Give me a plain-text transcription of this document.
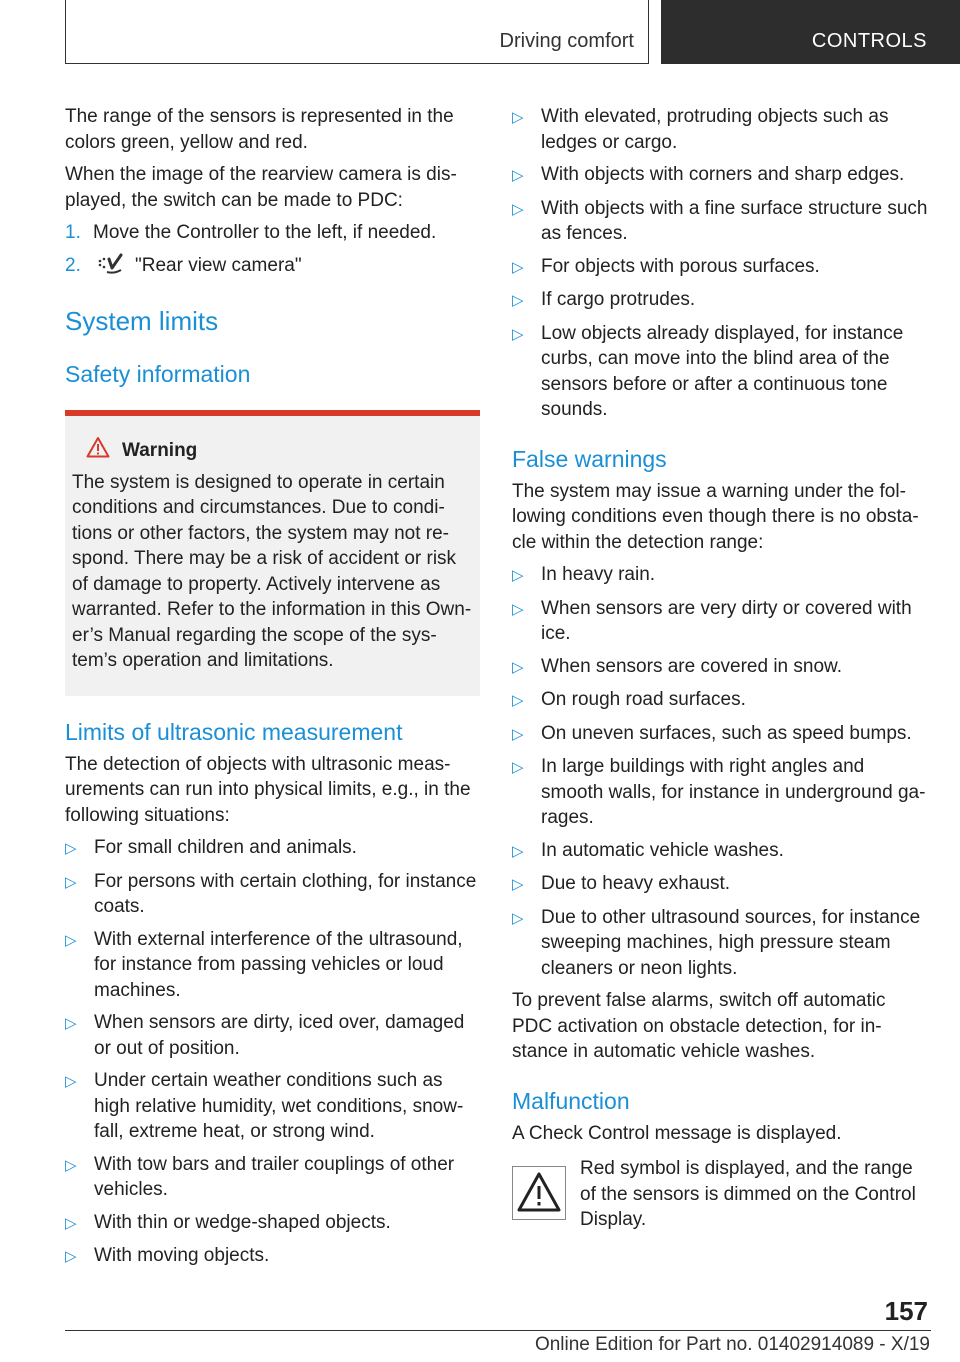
Driving comfort	CONTROLS

The range of the sensors is represented in the colors green, yellow and red.

When the image of the rearview camera is dis-played, the switch can be made to PDC:

1. Move the Controller to the left, if needed.
2.	"Rear view camera"
System limits
Safety information
Warning
The system is designed to operate in certain conditions and circumstances. Due to condi-tions or other factors, the system may not re-spond. There may be a risk of accident or risk of damage to property. Actively intervene as warranted. Refer to the information in this Own-er’s Manual regarding the scope of the sys-tem’s operation and limitations.
Limits of ultrasonic measurement

The detection of objects with ultrasonic meas-urements can run into physical limits, e.g., in the following situations:

▷ For small children and animals.
▷ For persons with certain clothing, for instance coats.
▷ With external interference of the ultrasound, for instance from passing vehicles or loud machines.
▷ When sensors are dirty, iced over, damaged or out of position.
▷ Under certain weather conditions such as high relative humidity, wet conditions, snow-fall, extreme heat, or strong wind.
▷ With tow bars and trailer couplings of other vehicles.
▷ With thin or wedge-shaped objects.
▷ With moving objects.
▷ With elevated, protruding objects such as ledges or cargo.
▷ With objects with corners and sharp edges.
▷ With objects with a fine surface structure such as fences.
▷ For objects with porous surfaces.
▷ If cargo protrudes.
▷ Low objects already displayed, for instance curbs, can move into the blind area of the sensors before or after a continuous tone sounds.
False warnings

The system may issue a warning under the fol-lowing conditions even though there is no obsta-cle within the detection range:

▷ In heavy rain.
▷ When sensors are very dirty or covered with ice.
▷ When sensors are covered in snow.
▷ On rough road surfaces.
▷ On uneven surfaces, such as speed bumps.
▷ In large buildings with right angles and smooth walls, for instance in underground ga-rages.
▷ In automatic vehicle washes.
▷ Due to heavy exhaust.
▷ Due to other ultrasound sources, for instance sweeping machines, high pressure steam cleaners or neon lights.

To prevent false alarms, switch off automatic PDC activation on obstacle detection, for in-stance in automatic vehicle washes.

Malfunction

A Check Control message is displayed.

Red symbol is displayed, and the range of the sensors is dimmed on the Control Display.
157
Online Edition for Part no. 01402914089 - X/19
